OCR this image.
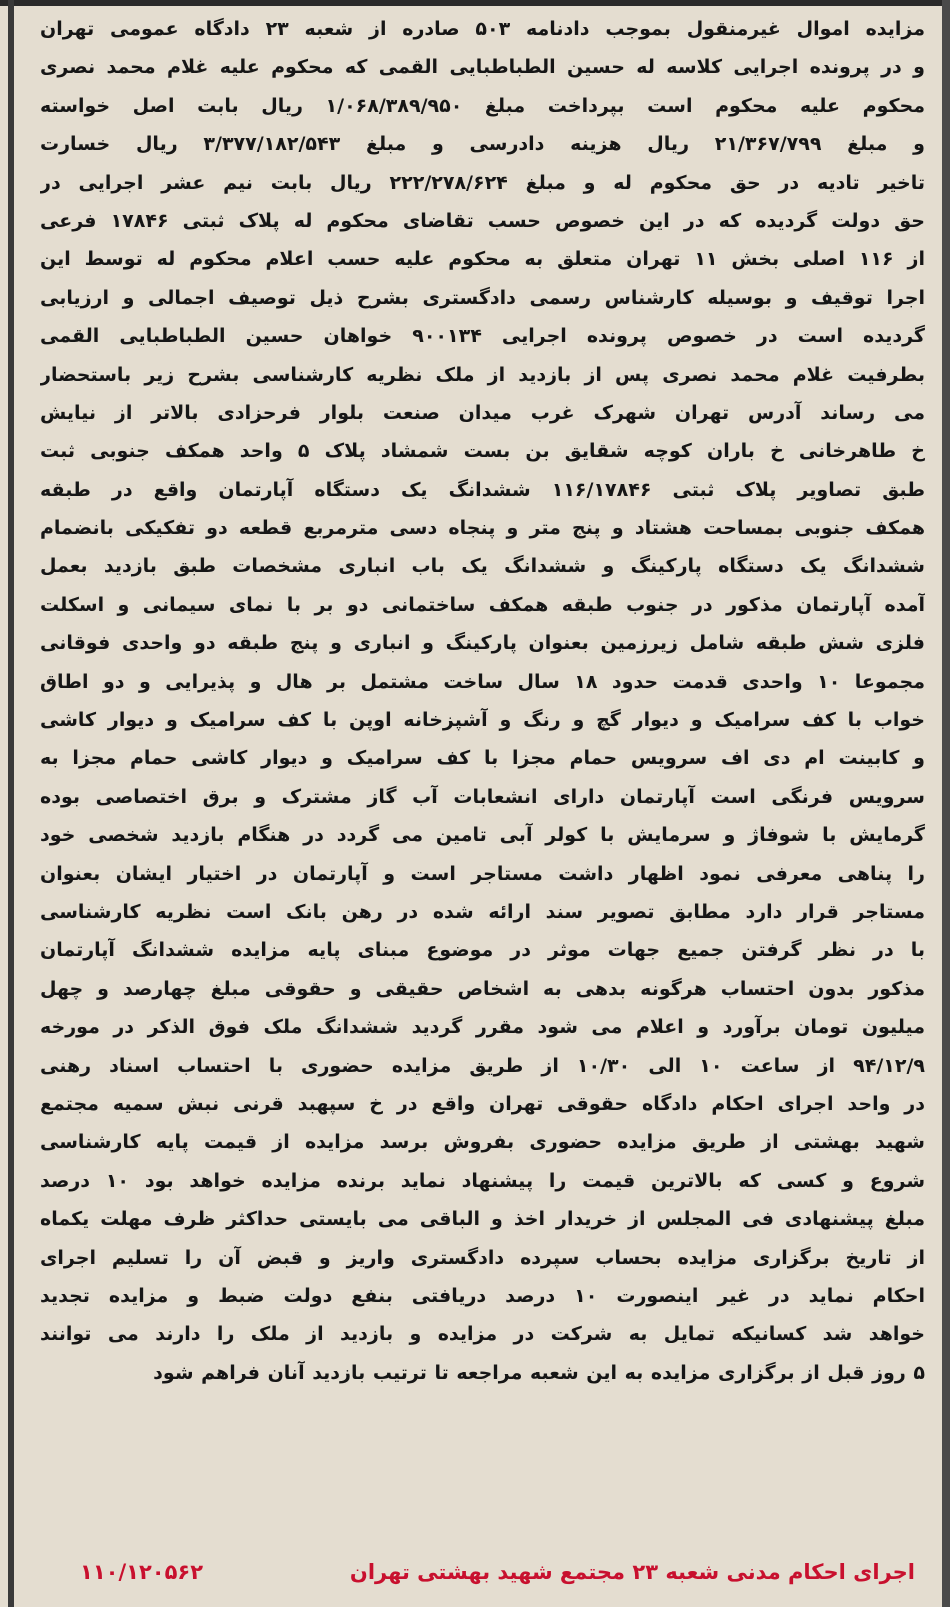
مزایده اموال غیرمنقول بموجب دادنامه ۵۰۳ صادره از شعبه ۲۳ دادگاه عمومی تهران
و در پرونده اجرایی کلاسه له حسین الطباطبایی القمی که محکوم علیه غلام محمد نصری
محکوم علیه محکوم است بپرداخت مبلغ ۱/۰۶۸/۳۸۹/۹۵۰ ریال بابت اصل خواسته
و مبلغ ۲۱/۳۶۷/۷۹۹ ریال هزینه دادرسی و مبلغ ۳/۳۷۷/۱۸۲/۵۴۳ ریال خسارت
تاخیر تادیه در حق محکوم له و مبلغ ۲۲۲/۲۷۸/۶۲۴ ریال بابت نیم عشر اجرایی در
حق دولت گردیده که در این خصوص حسب تقاضای محکوم له پلاک ثبتی ۱۷۸۴۶ فرعی
از ۱۱۶ اصلی بخش ۱۱ تهران متعلق به محکوم علیه حسب اعلام محکوم له توسط این
اجرا توقیف و بوسیله کارشناس رسمی دادگستری بشرح ذیل توصیف اجمالی و ارزیابی
گردیده است در خصوص پرونده اجرایی ۹۰۰۱۳۴ خواهان حسین الطباطبایی القمی
بطرفیت غلام محمد نصری پس از بازدید از ملک نظریه کارشناسی بشرح زیر باستحضار
می رساند آدرس تهران شهرک غرب میدان صنعت بلوار فرحزادی بالاتر از نیایش
خ طاهرخانی خ باران کوچه شقایق بن بست شمشاد پلاک ۵ واحد همکف جنوبی ثبت
طبق تصاویر پلاک ثبتی ۱۱۶/۱۷۸۴۶ ششدانگ یک دستگاه آپارتمان واقع در طبقه
همکف جنوبی بمساحت هشتاد و پنج متر و پنجاه دسی مترمربع قطعه دو تفکیکی بانضمام
ششدانگ یک دستگاه پارکینگ و ششدانگ یک باب انباری مشخصات طبق بازدید بعمل
آمده آپارتمان مذکور در جنوب طبقه همکف ساختمانی دو بر با نمای سیمانی و اسکلت
فلزی شش طبقه شامل زیرزمین بعنوان پارکینگ و انباری و پنج طبقه دو واحدی فوقانی
مجموعا ۱۰ واحدی قدمت حدود ۱۸ سال ساخت مشتمل بر هال و پذیرایی و دو اطاق
خواب با کف سرامیک و دیوار گچ و رنگ و آشپزخانه اوپن با کف سرامیک و دیوار کاشی
و کابینت ام دی اف سرویس حمام مجزا با کف سرامیک و دیوار کاشی حمام مجزا به
سرویس فرنگی است آپارتمان دارای انشعابات آب گاز مشترک و برق اختصاصی بوده
گرمایش با شوفاژ و سرمایش با کولر آبی تامین می گردد در هنگام بازدید شخصی خود
را پناهی معرفی نمود اظهار داشت مستاجر است و آپارتمان در اختیار ایشان بعنوان
مستاجر قرار دارد مطابق تصویر سند ارائه شده در رهن بانک است نظریه کارشناسی
با در نظر گرفتن جمیع جهات موثر در موضوع مبنای پایه مزایده ششدانگ آپارتمان
مذکور بدون احتساب هرگونه بدهی به اشخاص حقیقی و حقوقی مبلغ چهارصد و چهل
میلیون تومان برآورد و اعلام می شود مقرر گردید ششدانگ ملک فوق الذکر در مورخه
۹۴/۱۲/۹ از ساعت ۱۰ الی ۱۰/۳۰ از طریق مزایده حضوری با احتساب اسناد رهنی
در واحد اجرای احکام دادگاه حقوقی تهران واقع در خ سپهبد قرنی نبش سمیه مجتمع
شهید بهشتی از طریق مزایده حضوری بفروش برسد مزایده از قیمت پایه کارشناسی
شروع و کسی که بالاترین قیمت را پیشنهاد نماید برنده مزایده خواهد بود ۱۰ درصد
مبلغ پیشنهادی فی المجلس از خریدار اخذ و الباقی می بایستی حداکثر ظرف مهلت یکماه
از تاریخ برگزاری مزایده بحساب سپرده دادگستری واریز و قبض آن را تسلیم اجرای
احکام نماید در غیر اینصورت ۱۰ درصد دریافتی بنفع دولت ضبط و مزایده تجدید
خواهد شد کسانیکه تمایل به شرکت در مزایده و بازدید از ملک را دارند می توانند
۵ روز قبل از برگزاری مزایده به این شعبه مراجعه تا ترتیب بازدید آنان فراهم شود
اجرای احکام مدنی شعبه ۲۳ مجتمع شهید بهشتی تهران
۱۱۰/۱۲۰۵۶۲
